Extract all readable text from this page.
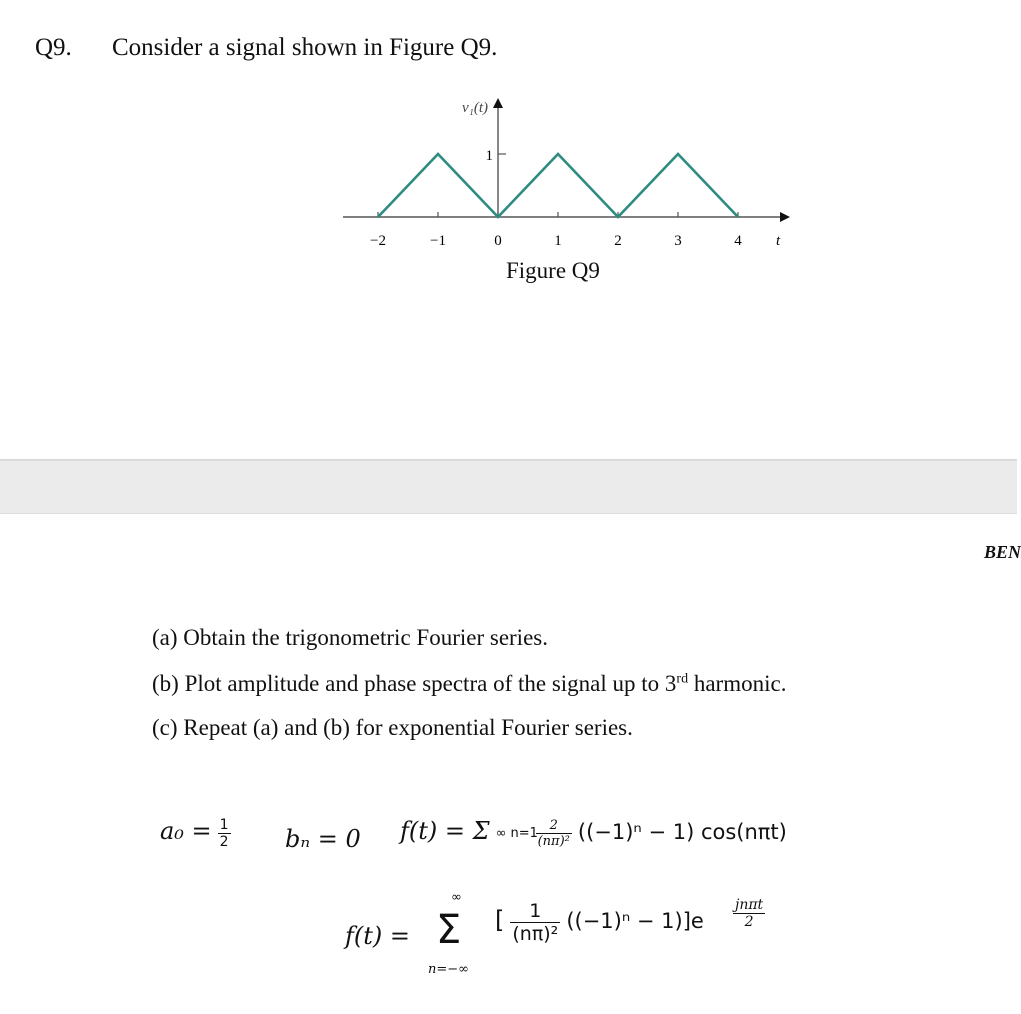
Q9. Consider a signal shown in Figure Q9.
1
v₁(t)
−2	−1	0	1	2	3	4 t
Figure Q9
BEN
(a) Obtain the trigonometric Fourier series.
(b) Plot amplitude and phase spectra of the signal up to 3rd harmonic.
(c) Repeat (a) and (b) for exponential Fourier series.
$a_0 = \frac{1}{2}$ bₙ = 0 f(t) = Σ ∞ n=1
$\frac{2}{\text{(nπ)²}} ((-1)^n - 1)$ cos(nπt)
f(t) =
∞
Σ
n=−∞
[ $\frac{1}{\text{(nπ)²}} ((-1)^n - 1)]e$
jnπt
2
